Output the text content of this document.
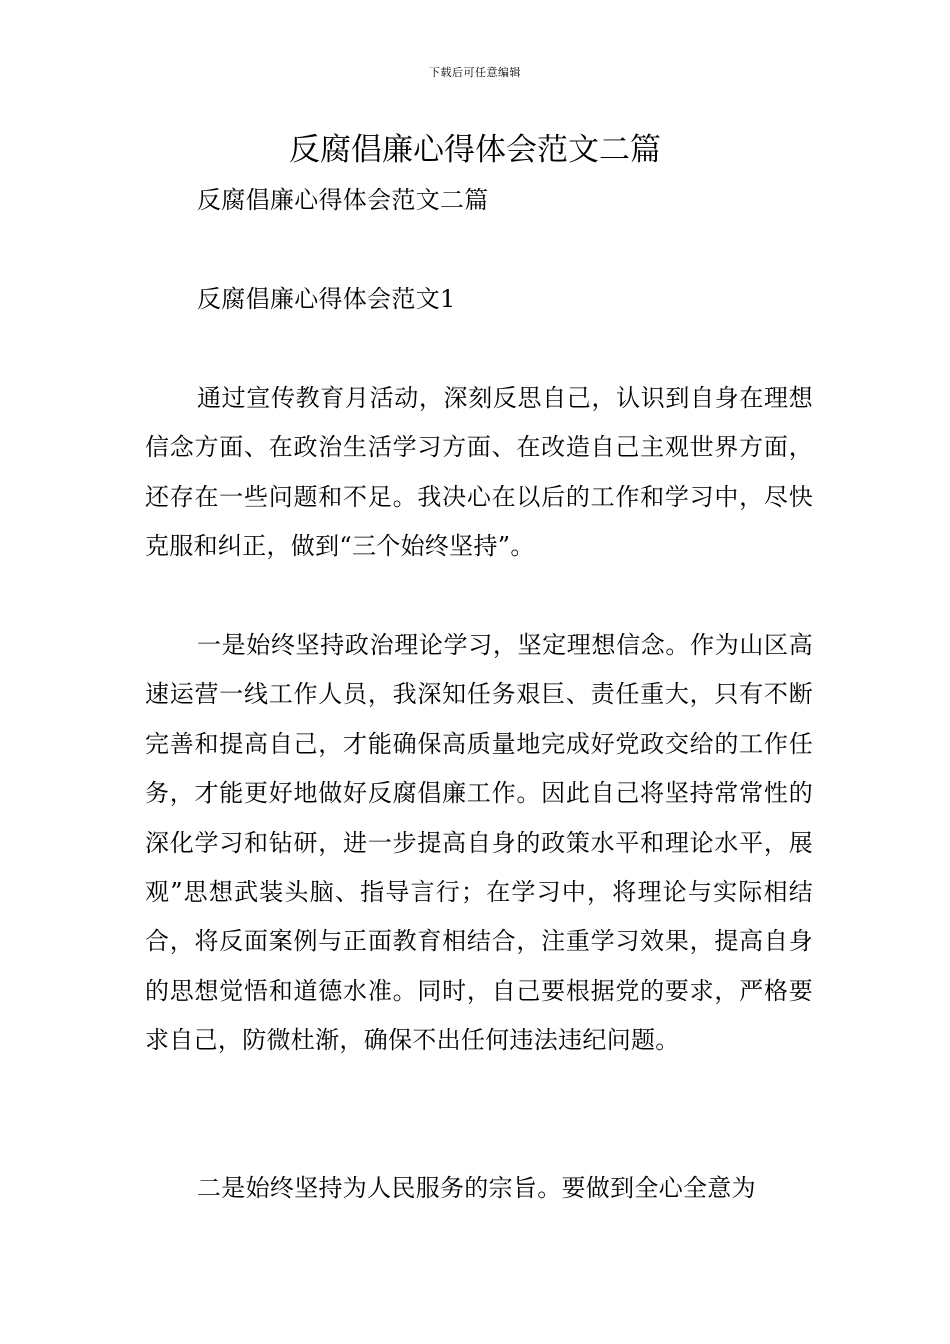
下载后可任意编辑
反腐倡廉心得体会范文二篇

反腐倡廉心得体会范文二篇

反腐倡廉心得体会范文1

通过宣传教育月活动，深刻反思自己，认识到自身在理想信念方面、在政治生活学习方面、在改造自己主观世界方面，还存在一些问题和不足。我决心在以后的工作和学习中，尽快克服和纠正，做到“三个始终坚持”。

一是始终坚持政治理论学习，坚定理想信念。作为山区高速运营一线工作人员，我深知任务艰巨、责任重大，只有不断完善和提高自己，才能确保高质量地完成好党政交给的工作任务，才能更好地做好反腐倡廉工作。因此自己将坚持常常性的深化学习和钻研，进一步提高自身的政策水平和理论水平，展观”思想武装头脑、指导言行；在学习中，将理论与实际相结合，将反面案例与正面教育相结合，注重学习效果，提高自身的思想觉悟和道德水准。同时，自己要根据党的要求，严格要求自己，防微杜渐，确保不出任何违法违纪问题。

二是始终坚持为人民服务的宗旨。要做到全心全意为
